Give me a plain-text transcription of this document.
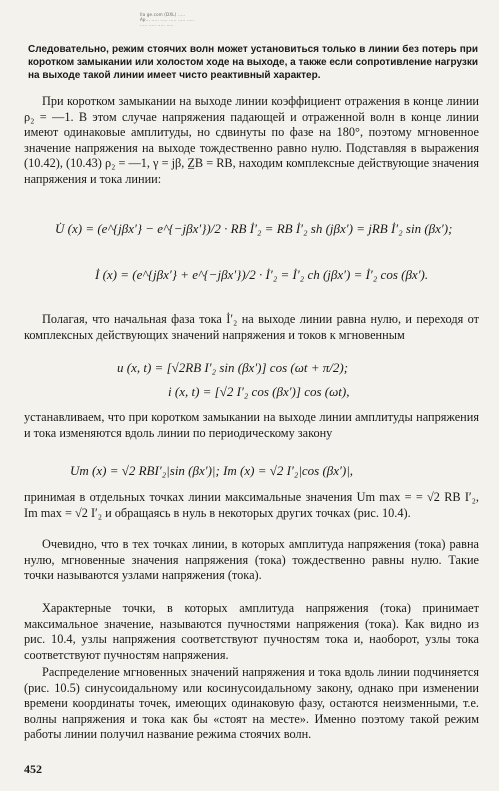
Ila ge.com (DXL) .....
Ap... ..... ..... ..... ..... .....
..... ..... ..... .....
Следовательно, режим стоячих волн может установиться только в линии без потерь при коротком замыкании или холостом ходе на выходе, а также если сопротивление нагрузки на выходе такой линии имеет чисто реактивный характер.

При коротком замыкании на выходе линии коэффициент отражения в конце линии ρ₂ = —1. В этом случае напряжения падающей и отраженной волн в конце линии имеют одинаковые амплитуды, но сдвинуты по фазе на 180°, поэтому мгновенное значение напряжения на выходе тождественно равно нулю. Подставляя в выражения (10.42), (10.43) ρ₂ = —1, γ = jβ, Z̲В = RВ, находим комплексные действующие значения напряжения и тока линии:

U̇ (x) = (e^{jβx′} − e^{−jβx′})/2 · RВ İ′₂ = RВ İ′₂ sh (jβx′) = jRВ İ′₂ sin (βx′);

İ (x) = (e^{jβx′} + e^{−jβx′})/2 · İ′₂ = İ′₂ ch (jβx′) = İ′₂ cos (βx′).

Полагая, что начальная фаза тока İ′₂ на выходе линии равна нулю, и переходя от комплексных действующих значений напряжения и токов к мгновенным

u (x, t) = [√2RВ I′₂ sin (βx′)] cos (ωt + π/2);

i (x, t) = [√2 I′₂ cos (βx′)] cos (ωt),

устанавливаем, что при коротком замыкании на выходе линии амплитуды напряжения и тока изменяются вдоль линии по периодическому закону

Um (x) = √2 RВI′₂|sin (βx′)|; Im (x) = √2 I′₂|cos (βx′)|,

принимая в отдельных точках линии максимальные значения Um max = = √2 RВ I′₂, Im max = √2 I′₂ и обращаясь в нуль в некоторых других точках (рис. 10.4).

Очевидно, что в тех точках линии, в которых амплитуда напряжения (тока) равна нулю, мгновенные значения напряжения (тока) тождественно равны нулю. Такие точки называются узлами напряжения (тока).

Характерные точки, в которых амплитуда напряжения (тока) принимает максимальное значение, называются пучностями напряжения (тока). Как видно из рис. 10.4, узлы напряжения соответствуют пучностям тока и, наоборот, узлы тока соответствуют пучностям напряжения.

Распределение мгновенных значений напряжения и тока вдоль линии подчиняется (рис. 10.5) синусоидальному или косинусоидальному закону, однако при изменении времени координаты точек, имеющих одинаковую фазу, остаются неизменными, т.е. волны напряжения и тока как бы «стоят на месте». Именно поэтому такой режим работы линии получил название режима стоячих волн.

452
